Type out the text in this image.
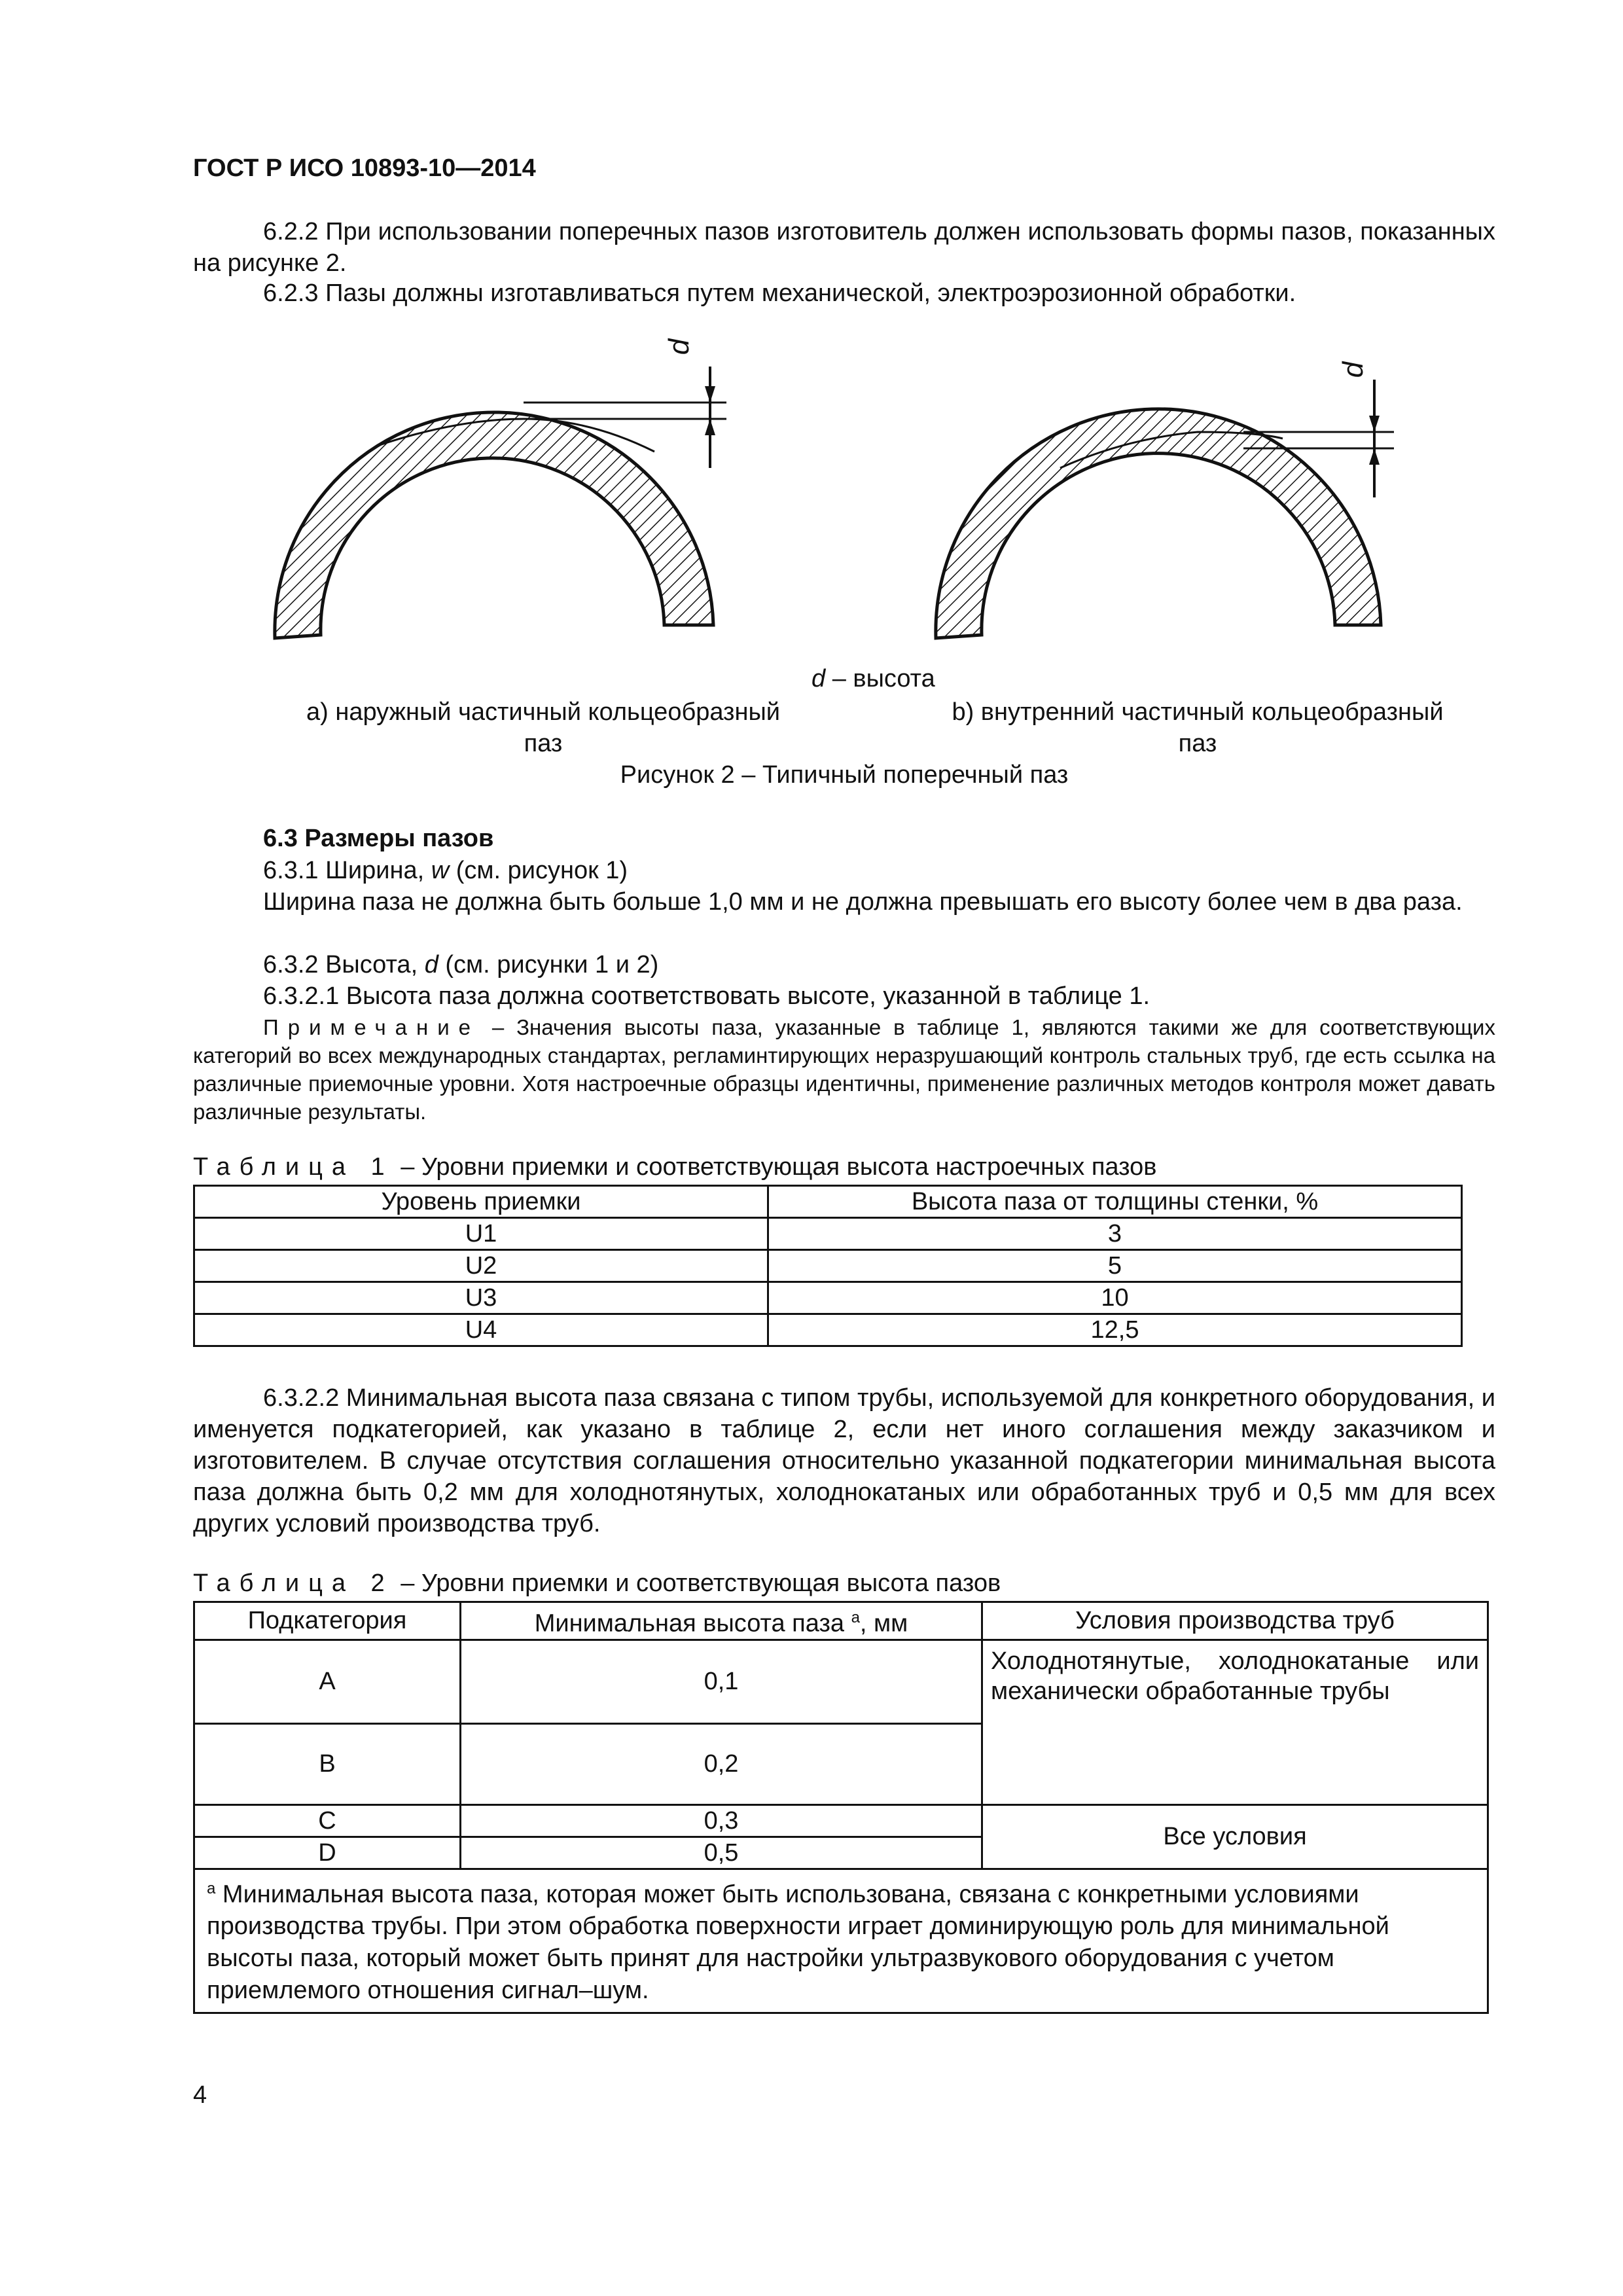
ГОСТ Р ИСО 10893-10—2014
6.2.2 При использовании поперечных пазов изготовитель должен использовать формы пазов, показанных на рисунке 2.
6.2.3 Пазы должны изготавливаться путем механической, электроэрозионной обработки.
d
d
d – высота
a) наружный частичный кольцеобразный
паз
b) внутренний частичный кольцеобразный
паз
Рисунок 2 – Типичный поперечный паз
6.3 Размеры пазов
6.3.1 Ширина, w (см. рисунок 1)
Ширина паза не должна быть больше 1,0 мм и не должна превышать его высоту более чем в два раза.
6.3.2 Высота, d (см. рисунки 1 и 2)
6.3.2.1 Высота паза должна соответствовать высоте, указанной в таблице 1.
Примечание – Значения высоты паза, указанные в таблице 1, являются такими же для соответствующих категорий во всех международных стандартах, регламинтирующих неразрушающий контроль стальных труб, где есть ссылка на различные приемочные уровни. Хотя настроечные образцы идентичны, применение различных методов контроля может давать различные результаты.
Таблица 1 – Уровни приемки и соответствующая высота настроечных пазов
Уровень приемки	Высота паза от толщины стенки, %
U1	3
U2	5
U3	10
U4	12,5
6.3.2.2 Минимальная высота паза связана с типом трубы, используемой для конкретного оборудования, и именуется подкатегорией, как указано в таблице 2, если нет иного соглашения между заказчиком и изготовителем. В случае отсутствия соглашения относительно указанной подкатегории минимальная высота паза должна быть 0,2 мм для холоднотянутых, холоднокатаных или обработанных труб и 0,5 мм для всех других условий производства труб.
Таблица 2 – Уровни приемки и соответствующая высота пазов
Подкатегория	Минимальная высота паза $^a$, мм	Условия производства труб
A	0,1	Холоднотянутые, холоднокатаные или механически обработанные трубы
B	0,2	
C	0,3	Все условия
D	0,5	
$^a$ Минимальная высота паза, которая может быть использована, связана с конкретными условиями производства трубы. При этом обработка поверхности играет доминирующую роль для минимальной высоты паза, который может быть принят для настройки ультразвукового оборудования с учетом приемлемого отношения сигнал–шум.		
4
